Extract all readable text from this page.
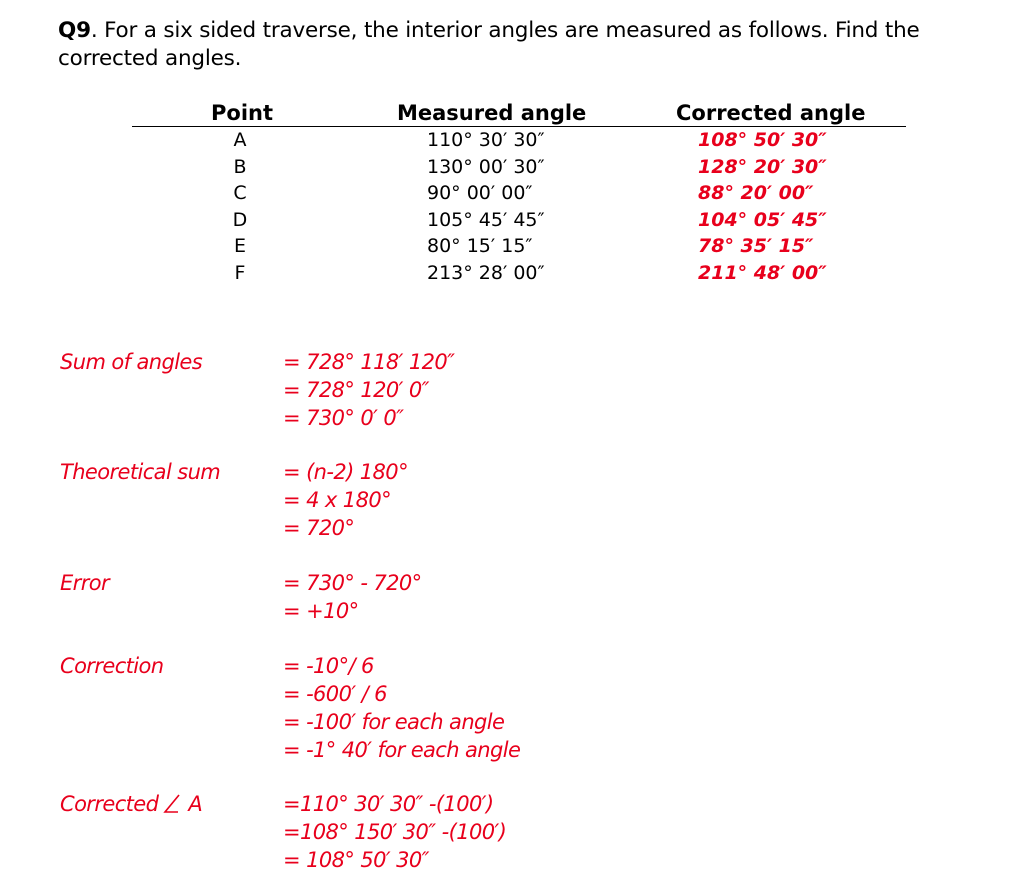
Q9. For a six sided traverse, the interior angles are measured as follows. Find the corrected angles.
Point	Measured angle	Corrected angle
A	110° 30′ 30″	108° 50′ 30″
B	130° 00′ 30″	128° 20′ 30″
C	90° 00′ 00″	88° 20′ 00″
D	105° 45′ 45″	104° 05′ 45″
E	80° 15′ 15″	78° 35′ 15″
F	213° 28′ 00″	211° 48′ 00″
Sum of angles	= 728° 118′ 120″
= 728° 120′ 0″
= 730° 0′ 0″
Theoretical sum	= (n-2) 180°
= 4 x 180°
= 720°
Error	= 730° - 720°
= +10°
Correction	= -10°/ 6
= -600′ / 6
= -100′ for each angle
= -1° 40′ for each angle
Corrected A	=110° 30′ 30″ -(100′)
=108° 150′ 30″ -(100′)
= 108° 50′ 30″
